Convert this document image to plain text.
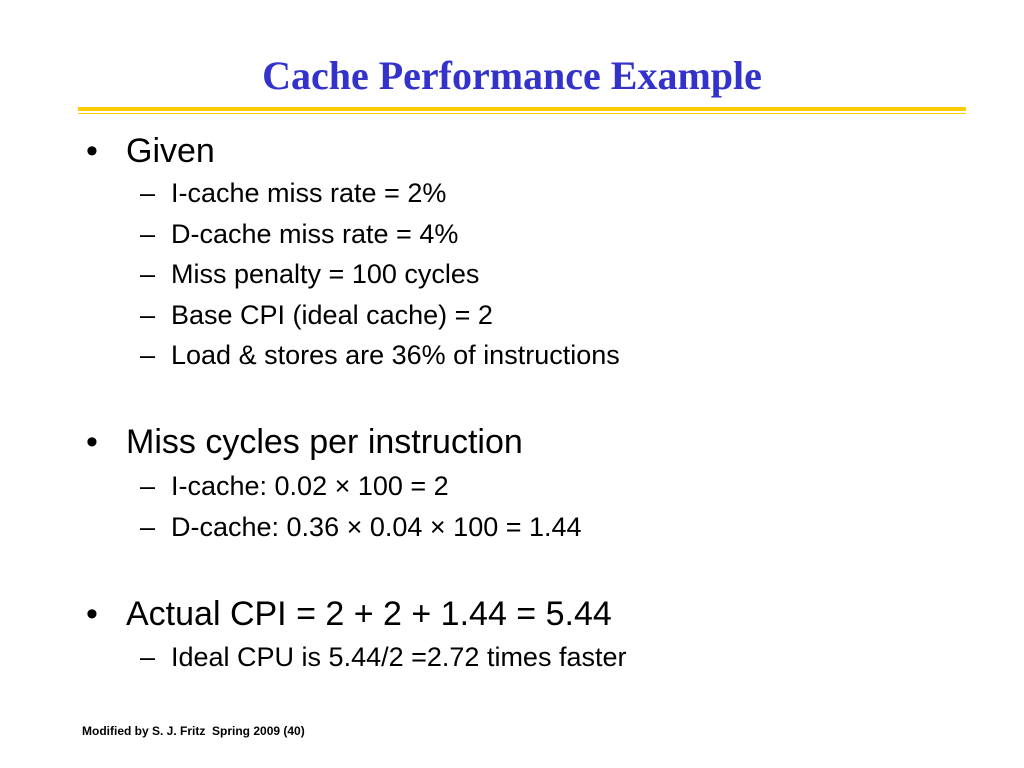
Cache Performance Example
• Given
– I-cache miss rate = 2%
– D-cache miss rate = 4%
– Miss penalty = 100 cycles
– Base CPI (ideal cache) = 2
– Load & stores are 36% of instructions
• Miss cycles per instruction
– I-cache: 0.02 × 100 = 2
– D-cache: 0.36 × 0.04 × 100 = 1.44
• Actual CPI = 2 + 2 + 1.44 = 5.44
– Ideal CPU is 5.44/2 =2.72 times faster
Modified by S. J. Fritz  Spring 2009 (40)
